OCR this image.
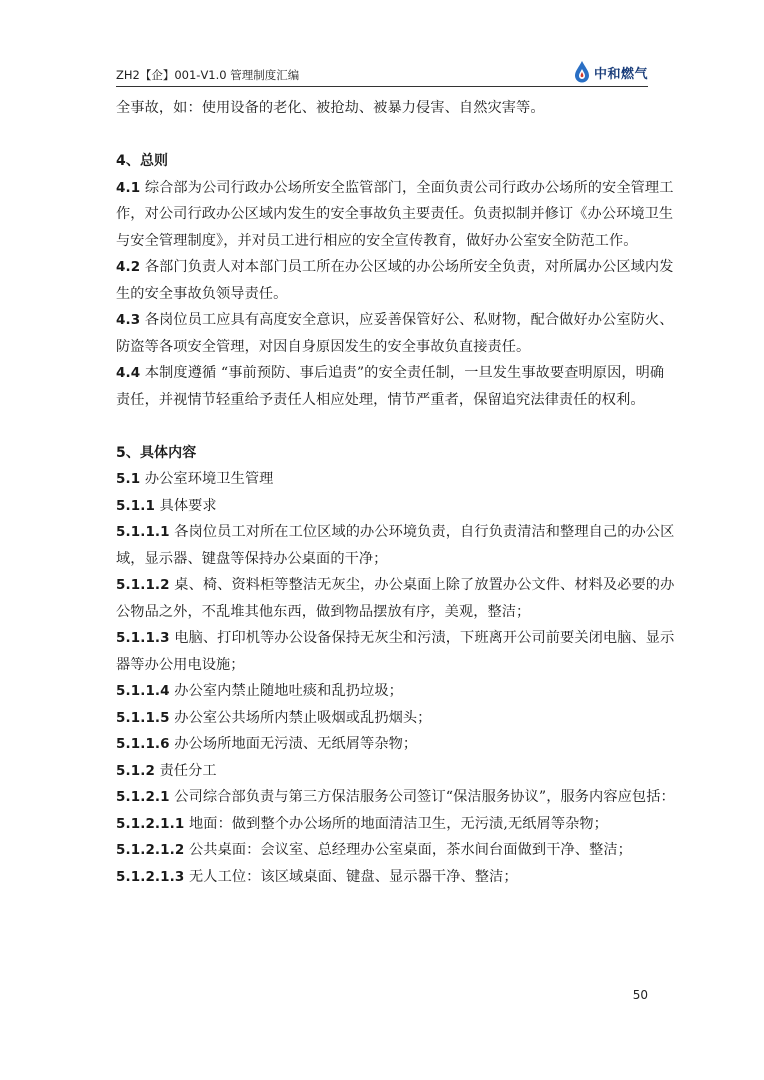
ZH2【企】001-V1.0 管理制度汇编	中和燃气
全事故，如：使用设备的老化、被抢劫、被暴力侵害、自然灾害等。
4、总则
4.1 综合部为公司行政办公场所安全监管部门，全面负责公司行政办公场所的安全管理工
作，对公司行政办公区域内发生的安全事故负主要责任。负责拟制并修订《办公环境卫生
与安全管理制度》，并对员工进行相应的安全宣传教育，做好办公室安全防范工作。
4.2 各部门负责人对本部门员工所在办公区域的办公场所安全负责，对所属办公区域内发
生的安全事故负领导责任。
4.3 各岗位员工应具有高度安全意识，应妥善保管好公、私财物，配合做好办公室防火、
防盗等各项安全管理，对因自身原因发生的安全事故负直接责任。
4.4 本制度遵循 “事前预防、事后追责”的安全责任制，一旦发生事故要查明原因，明确
责任，并视情节轻重给予责任人相应处理，情节严重者，保留追究法律责任的权利。
5、具体内容
5.1 办公室环境卫生管理
5.1.1 具体要求
5.1.1.1 各岗位员工对所在工位区域的办公环境负责，自行负责清洁和整理自己的办公区
域，显示器、键盘等保持办公桌面的干净；
5.1.1.2 桌、椅、资料柜等整洁无灰尘，办公桌面上除了放置办公文件、材料及必要的办
公物品之外，不乱堆其他东西，做到物品摆放有序，美观，整洁；
5.1.1.3 电脑、打印机等办公设备保持无灰尘和污渍，下班离开公司前要关闭电脑、显示
器等办公用电设施；
5.1.1.4 办公室内禁止随地吐痰和乱扔垃圾；
5.1.1.5 办公室公共场所内禁止吸烟或乱扔烟头；
5.1.1.6 办公场所地面无污渍、无纸屑等杂物；
5.1.2 责任分工
5.1.2.1 公司综合部负责与第三方保洁服务公司签订“保洁服务协议”，服务内容应包括：
5.1.2.1.1 地面：做到整个办公场所的地面清洁卫生，无污渍,无纸屑等杂物；
5.1.2.1.2 公共桌面：会议室、总经理办公室桌面，茶水间台面做到干净、整洁；
5.1.2.1.3 无人工位：该区域桌面、键盘、显示器干净、整洁；
50
